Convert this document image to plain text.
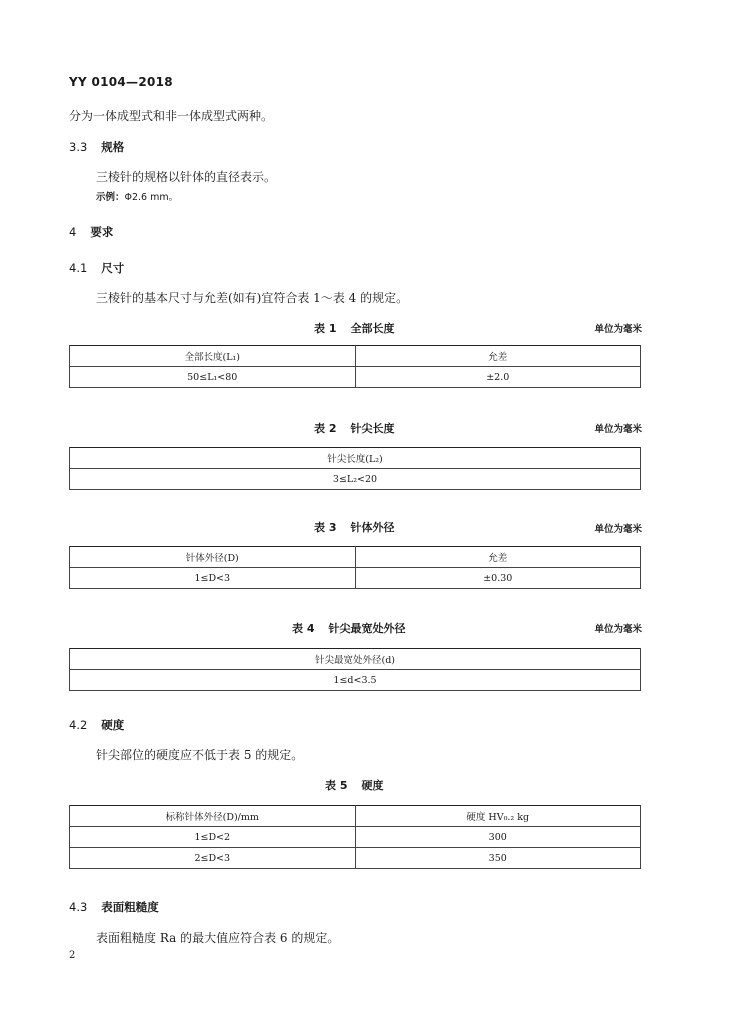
YY 0104—2018
分为一体成型式和非一体成型式两种。
3.3 规格
三棱针的规格以针体的直径表示。
示例：Φ2.6 mm。
4 要求
4.1 尺寸
三棱针的基本尺寸与允差(如有)宜符合表 1～表 4 的规定。
表 1 全部长度	单位为毫米
全部长度(L₁)	允差
50≤L₁<80	±2.0
表 2 针尖长度	单位为毫米
针尖长度(L₂)
3≤L₂<20
表 3 针体外径	单位为毫米
针体外径(D)	允差
1≤D<3	±0.30
表 4 针尖最宽处外径	单位为毫米
针尖最宽处外径(d)
1≤d<3.5
4.2 硬度
针尖部位的硬度应不低于表 5 的规定。
表 5 硬度
标称针体外径(D)/mm	硬度 HV₀.₂ kg
1≤D<2	300
2≤D<3	350
4.3 表面粗糙度
表面粗糙度 Ra 的最大值应符合表 6 的规定。
2
